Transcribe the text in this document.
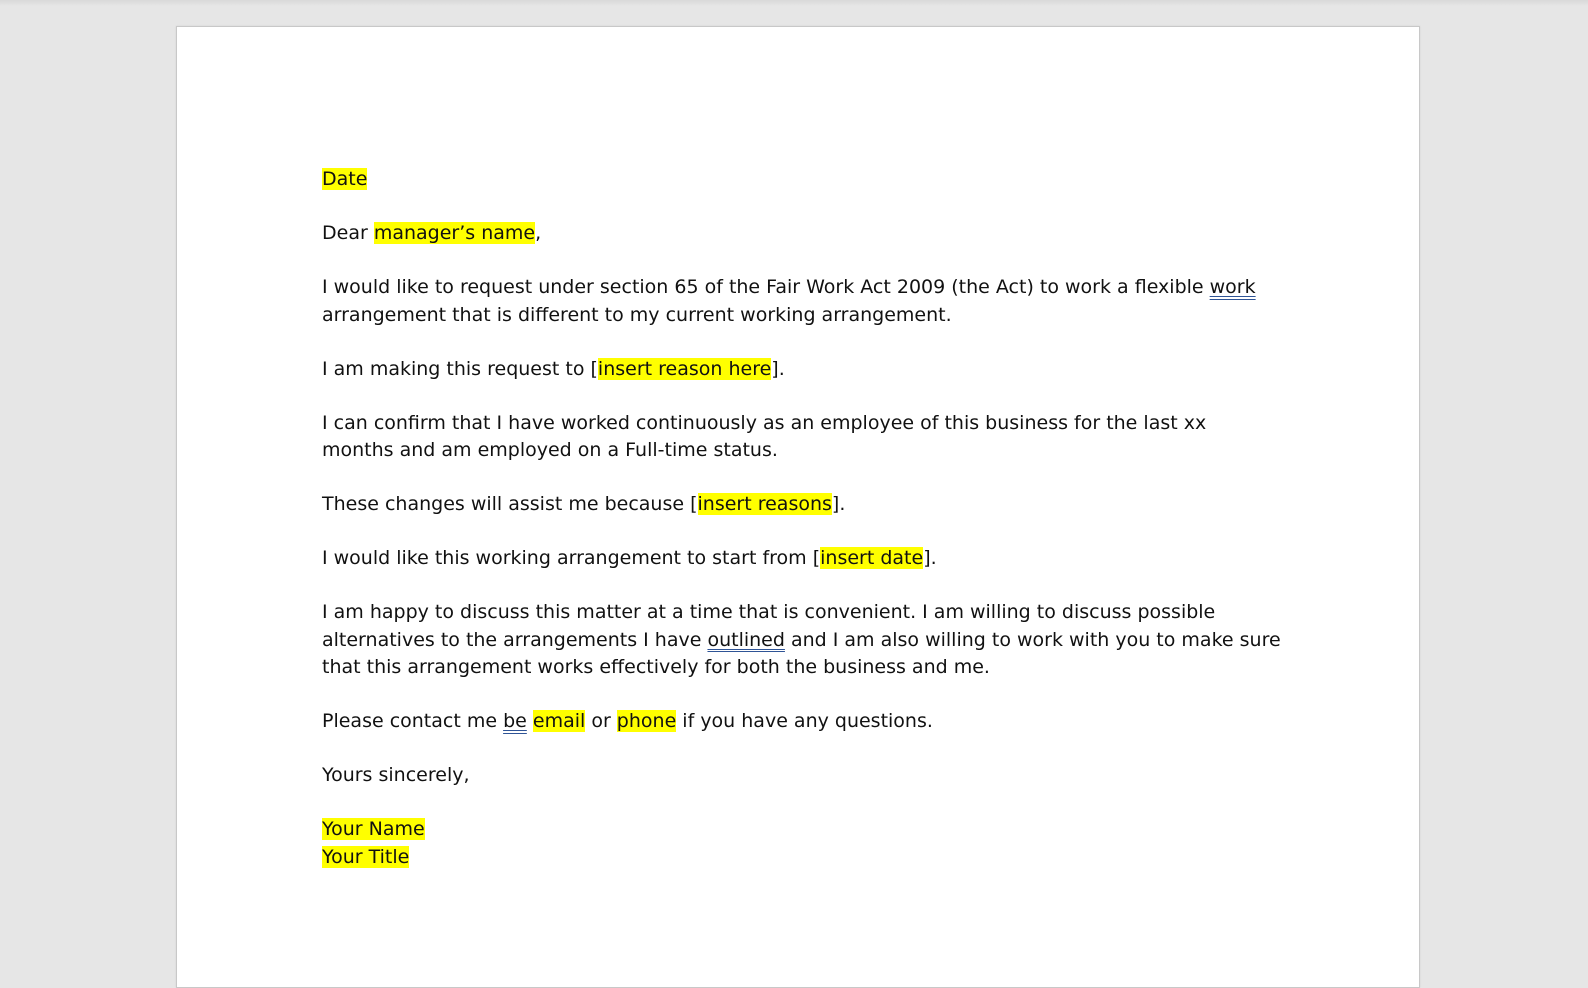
Date

Dear manager’s name,

I would like to request under section 65 of the Fair Work Act 2009 (the Act) to work a flexible work arrangement that is different to my current working arrangement.

I am making this request to [insert reason here].

I can confirm that I have worked continuously as an employee of this business for the last xx months and am employed on a Full-time status.

These changes will assist me because [insert reasons].

I would like this working arrangement to start from [insert date].

I am happy to discuss this matter at a time that is convenient. I am willing to discuss possible alternatives to the arrangements I have outlined and I am also willing to work with you to make sure that this arrangement works effectively for both the business and me.

Please contact me be email or phone if you have any questions.

Yours sincerely,

Your Name

Your Title
